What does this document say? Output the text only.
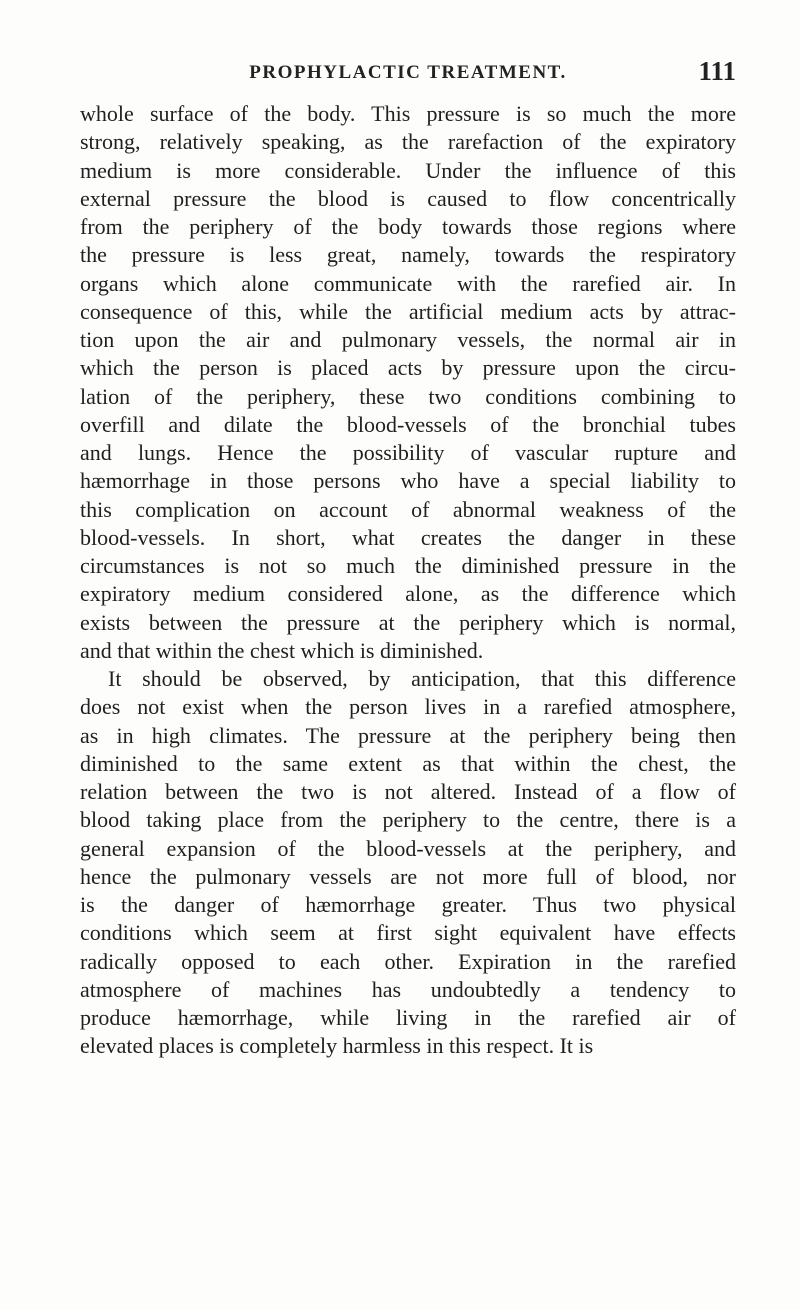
PROPHYLACTIC TREATMENT.	111
whole surface of the body. This pressure is so much the more
strong, relatively speaking, as the rarefaction of the expiratory
medium is more considerable. Under the influence of this
external pressure the blood is caused to flow concentrically
from the periphery of the body towards those regions where
the pressure is less great, namely, towards the respiratory
organs which alone communicate with the rarefied air. In
consequence of this, while the artificial medium acts by attrac-
tion upon the air and pulmonary vessels, the normal air in
which the person is placed acts by pressure upon the circu-
lation of the periphery, these two conditions combining to
overfill and dilate the blood-vessels of the bronchial tubes
and lungs. Hence the possibility of vascular rupture and
hæmorrhage in those persons who have a special liability to
this complication on account of abnormal weakness of the
blood-vessels. In short, what creates the danger in these
circumstances is not so much the diminished pressure in the
expiratory medium considered alone, as the difference which
exists between the pressure at the periphery which is normal,
and that within the chest which is diminished.
It should be observed, by anticipation, that this difference
does not exist when the person lives in a rarefied atmosphere,
as in high climates. The pressure at the periphery being then
diminished to the same extent as that within the chest, the
relation between the two is not altered. Instead of a flow of
blood taking place from the periphery to the centre, there is a
general expansion of the blood-vessels at the periphery, and
hence the pulmonary vessels are not more full of blood, nor
is the danger of hæmorrhage greater. Thus two physical
conditions which seem at first sight equivalent have effects
radically opposed to each other. Expiration in the rarefied
atmosphere of machines has undoubtedly a tendency to
produce hæmorrhage, while living in the rarefied air of
elevated places is completely harmless in this respect. It is
